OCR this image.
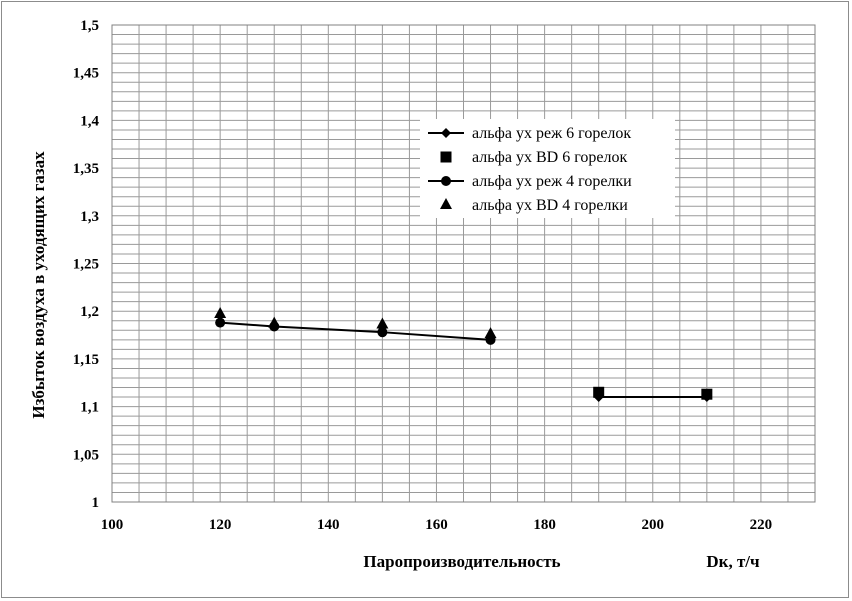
100	120	140	160	180	200	220
1
1,05
1,1
1,15
1,2
1,25
1,3
1,35
1,4
1,45
1,5
Избыток воздуха в уходящих газах
Паропроизводительность	Dк, т/ч
альфа ух реж 6 горелок
альфа ух ВD 6 горелок
альфа ух реж 4 горелки
альфа ух ВD 4 горелки
